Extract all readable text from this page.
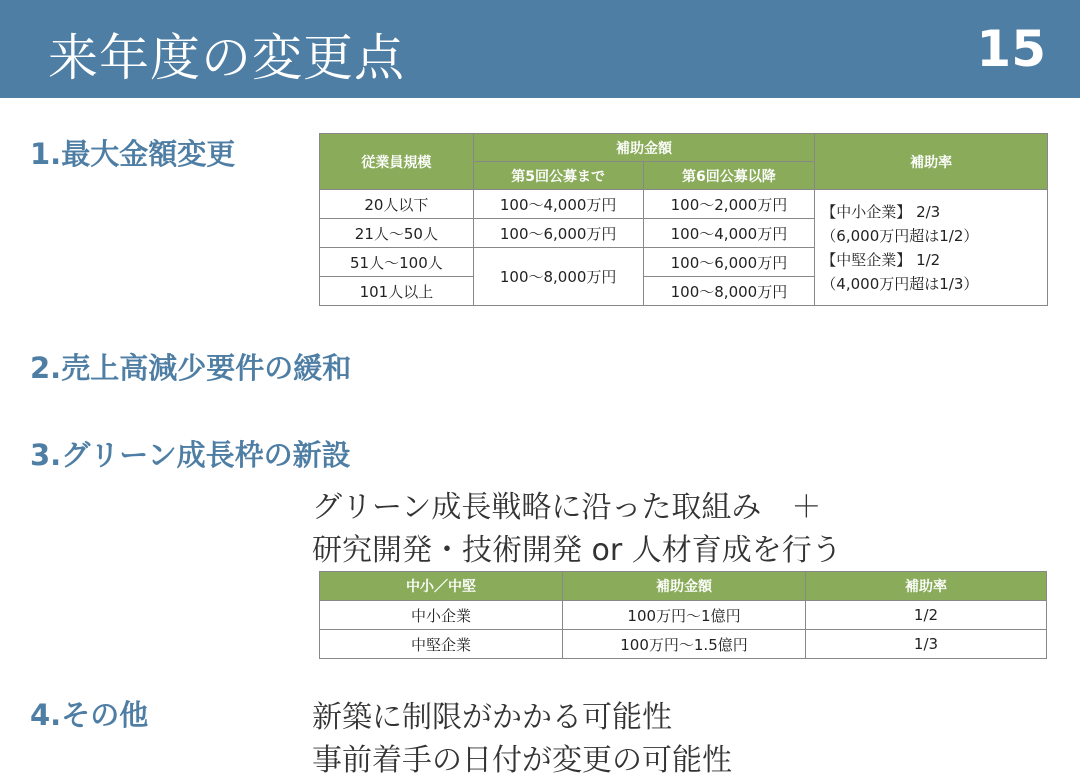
来年度の変更点	15
1.最大金額変更	従業員規模	補助金額		補助率
	第5回公募まで	第6回公募以降	
20人以下	100～4,000万円	100～2,000万円	【中小企業】 2/3
（6,000万円超は1/2）
【中堅企業】 1/2
（4,000万円超は1/3）

21人～50人	100～6,000万円	100～4,000万円	
51人～100人	100～8,000万円	100～6,000万円	
101人以上		100～8,000万円	
2.売上高減少要件の緩和
3.グリーン成長枠の新設
グリーン成長戦略に沿った取組み　＋
研究開発・技術開発 or 人材育成を行う
中小／中堅	補助金額	補助率
中小企業	100万円～1億円	1/2
中堅企業	100万円～1.5億円	1/3
4.その他	新築に制限がかかる可能性
事前着手の日付が変更の可能性
